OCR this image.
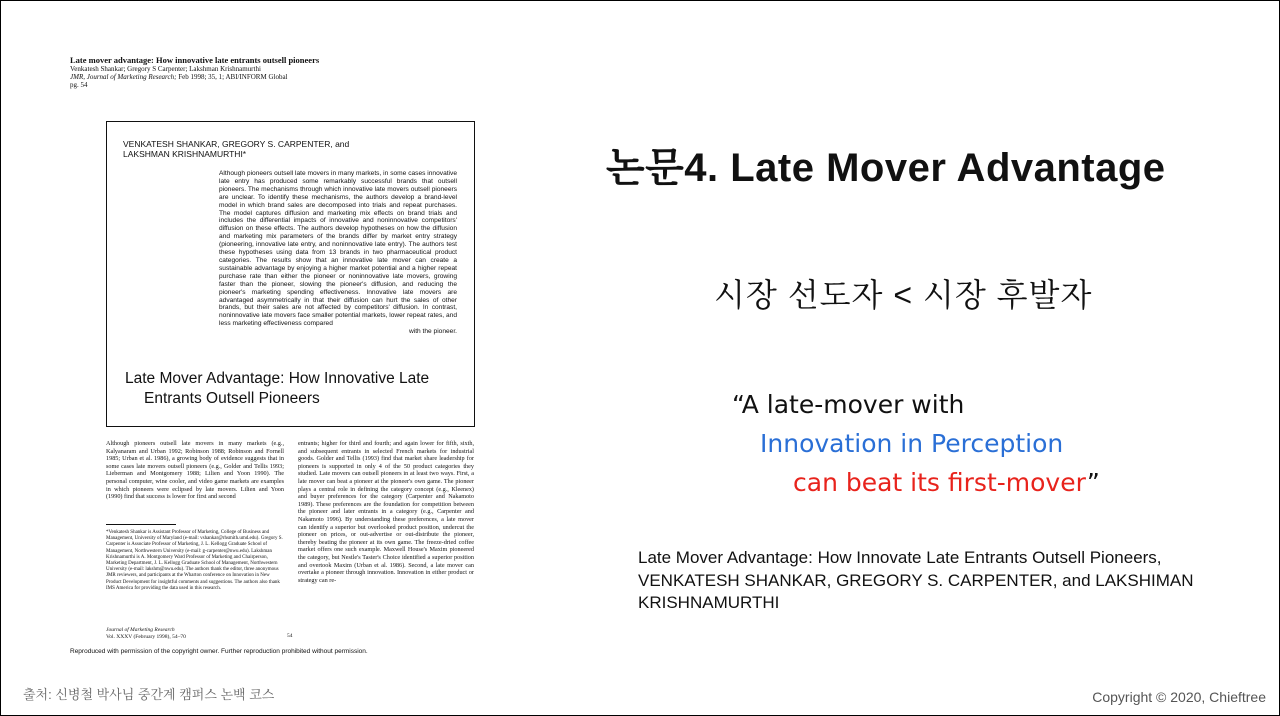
Late mover advantage: How innovative late entrants outsell pioneers
Venkatesh Shankar; Gregory S Carpenter; Lakshman Krishnamurthi
JMR, Journal of Marketing Research; Feb 1998; 35, 1; ABI/INFORM Global
pg. 54
VENKATESH SHANKAR, GREGORY S. CARPENTER, and
LAKSHMAN KRISHNAMURTHI*
Although pioneers outsell late movers in many markets, in some cases innovative late entry has produced some remarkably successful brands that outsell pioneers. The mechanisms through which innovative late movers outsell pioneers are unclear. To identify these mechanisms, the authors develop a brand-level model in which brand sales are decomposed into trials and repeat purchases. The model captures diffusion and marketing mix effects on brand trials and includes the differential impacts of innovative and noninnovative competitors' diffusion on these effects. The authors develop hypotheses on how the diffusion and marketing mix parameters of the brands differ by market entry strategy (pioneering, innovative late entry, and noninnovative late entry). The authors test these hypotheses using data from 13 brands in two pharmaceutical product categories. The results show that an innovative late mover can create a sustainable advantage by enjoying a higher market potential and a higher repeat purchase rate than either the pioneer or noninnovative late movers, growing faster than the pioneer, slowing the pioneer's diffusion, and reducing the pioneer's marketing spending effectiveness. Innovative late movers are advantaged asymmetrically in that their diffusion can hurt the sales of other brands, but their sales are not affected by competitors' diffusion. In contrast, noninnovative late movers face smaller potential markets, lower repeat rates, and less marketing effectiveness compared
with the pioneer.
Late Mover Advantage: How Innovative Late
Entrants Outsell Pioneers
Although pioneers outsell late movers in many markets (e.g., Kalyanaram and Urban 1992; Robinson 1988; Robinson and Fornell 1985; Urban et al. 1986), a growing body of evidence suggests that in some cases late movers outsell pioneers (e.g., Golder and Tellis 1993; Lieberman and Montgomery 1988; Lilien and Yoon 1990). The personal computer, wine cooler, and video game markets are examples in which pioneers were eclipsed by late movers. Lilien and Yoon (1990) find that success is lower for first and second
*Venkatesh Shankar is Assistant Professor of Marketing, College of Business and Management, University of Maryland (e-mail: vshankar@rhsmith.umd.edu). Gregory S. Carpenter is Associate Professor of Marketing, J. L. Kellogg Graduate School of Management, Northwestern University (e-mail: g-carpenter@nwu.edu). Lakshman Krishnamurthi is A. Montgomery Ward Professor of Marketing and Chairperson, Marketing Department, J. L. Kellogg Graduate School of Management, Northwestern University (e-mail: lakshm@nwu.edu). The authors thank the editor, three anonymous JMR reviewers, and participants at the Wharton conference on Innovation in New Product Development for insightful comments and suggestions. The authors also thank IMS America for providing the data used in this research.
entrants; higher for third and fourth; and again lower for fifth, sixth, and subsequent entrants in selected French markets for industrial goods. Golder and Tellis (1993) find that market share leadership for pioneers is supported in only 4 of the 50 product categories they studied. Late movers can outsell pioneers in at least two ways. First, a late mover can beat a pioneer at the pioneer's own game. The pioneer plays a central role in defining the category concept (e.g., Kleenex) and buyer preferences for the category (Carpenter and Nakamoto 1989). These preferences are the foundation for competition between the pioneer and later entrants in a category (e.g., Carpenter and Nakamoto 1996). By understanding these preferences, a late mover can identify a superior but overlooked product position, undercut the pioneer on prices, or out-advertise or out-distribute the pioneer, thereby beating the pioneer at its own game. The freeze-dried coffee market offers one such example. Maxwell House's Maxim pioneered the category, but Nestle's Taster's Choice identified a superior position and overtook Maxim (Urban et al. 1986). Second, a late mover can overtake a pioneer through innovation. Innovation in either product or strategy can re-
Journal of Marketing Research
Vol. XXXV (February 1998), 54–70	54
Reproduced with permission of the copyright owner. Further reproduction prohibited without permission.
논문4. Late Mover Advantage
시장 선도자 < 시장 후발자
“A late-mover with
Innovation in Perception
can beat its first-mover”
Late Mover Advantage: How Innovate Late Entrants Outsell Pioneers, VENKATESH SHANKAR, GREGORY S. CARPENTER, and LAKSHIMAN KRISHNAMURTHI
출처: 신병철 박사님 중간계 캠퍼스 논백 코스	Copyright © 2020, Chieftree
